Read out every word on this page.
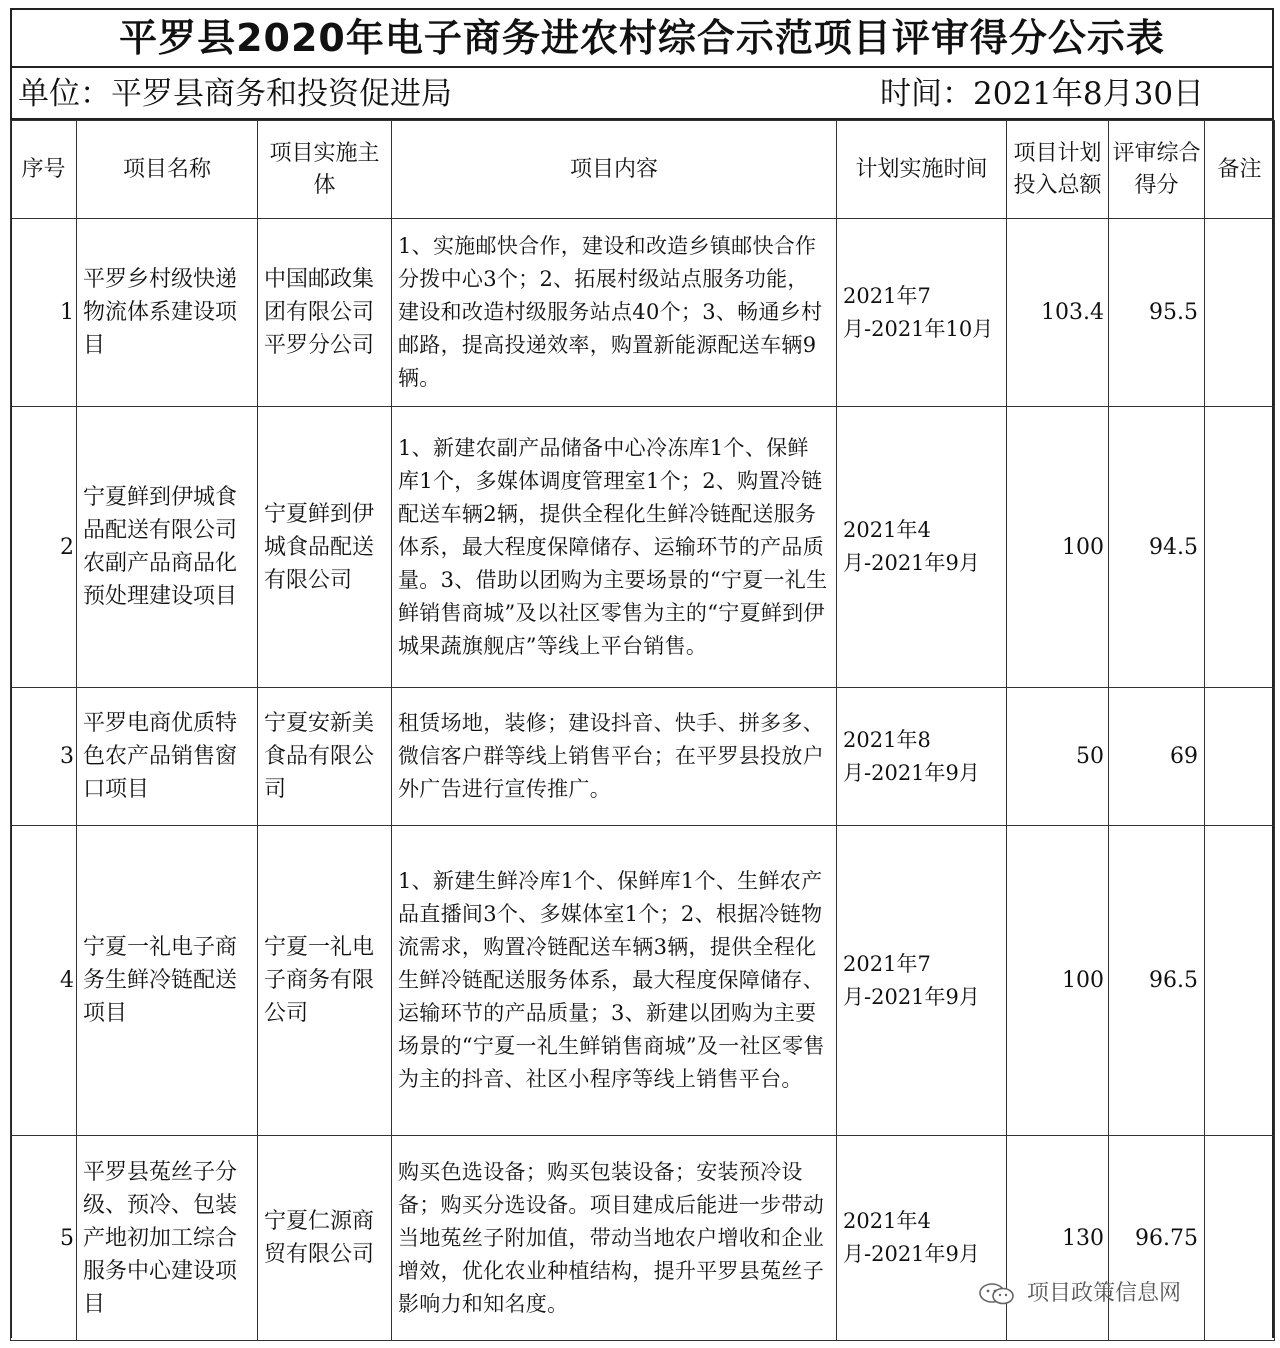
平罗县2020年电子商务进农村综合示范项目评审得分公示表
单位：平罗县商务和投资促进局	时间：2021年8月30日
序号	项目名称	项目实施主体	项目内容	计划实施时间	项目计划投入总额	评审综合得分	备注
1	平罗乡村级快递物流体系建设项目	中国邮政集团有限公司平罗分公司	1、实施邮快合作，建设和改造乡镇邮快合作分拨中心3个；2、拓展村级站点服务功能，建设和改造村级服务站点40个；3、畅通乡村邮路，提高投递效率，购置新能源配送车辆9辆。	2021年7月-2021年10月	103.4	95.5	
2	宁夏鲜到伊城食品配送有限公司农副产品商品化预处理建设项目	宁夏鲜到伊城食品配送有限公司	1、新建农副产品储备中心冷冻库1个、保鲜库1个，多媒体调度管理室1个；2、购置冷链配送车辆2辆，提供全程化生鲜冷链配送服务体系，最大程度保障储存、运输环节的产品质量。3、借助以团购为主要场景的“宁夏一礼生鲜销售商城”及以社区零售为主的“宁夏鲜到伊城果蔬旗舰店”等线上平台销售。	2021年4月-2021年9月	100	94.5	
3	平罗电商优质特色农产品销售窗口项目	宁夏安新美食品有限公司	租赁场地，装修；建设抖音、快手、拼多多、微信客户群等线上销售平台；在平罗县投放户外广告进行宣传推广。	2021年8月-2021年9月	50	69	
4	宁夏一礼电子商务生鲜冷链配送项目	宁夏一礼电子商务有限公司	1、新建生鲜冷库1个、保鲜库1个、生鲜农产品直播间3个、多媒体室1个；2、根据冷链物流需求，购置冷链配送车辆3辆，提供全程化生鲜冷链配送服务体系，最大程度保障储存、运输环节的产品质量；3、新建以团购为主要场景的“宁夏一礼生鲜销售商城”及一社区零售为主的抖音、社区小程序等线上销售平台。	2021年7月-2021年9月	100	96.5	
5	平罗县菟丝子分级、预冷、包装产地初加工综合服务中心建设项目	宁夏仁源商贸有限公司	购买色选设备；购买包装设备；安装预冷设备；购买分选设备。项目建成后能进一步带动当地菟丝子附加值，带动当地农户增收和企业增效，优化农业种植结构，提升平罗县菟丝子影响力和知名度。	2021年4月-2021年9月	130	96.75	
项目政策信息网
